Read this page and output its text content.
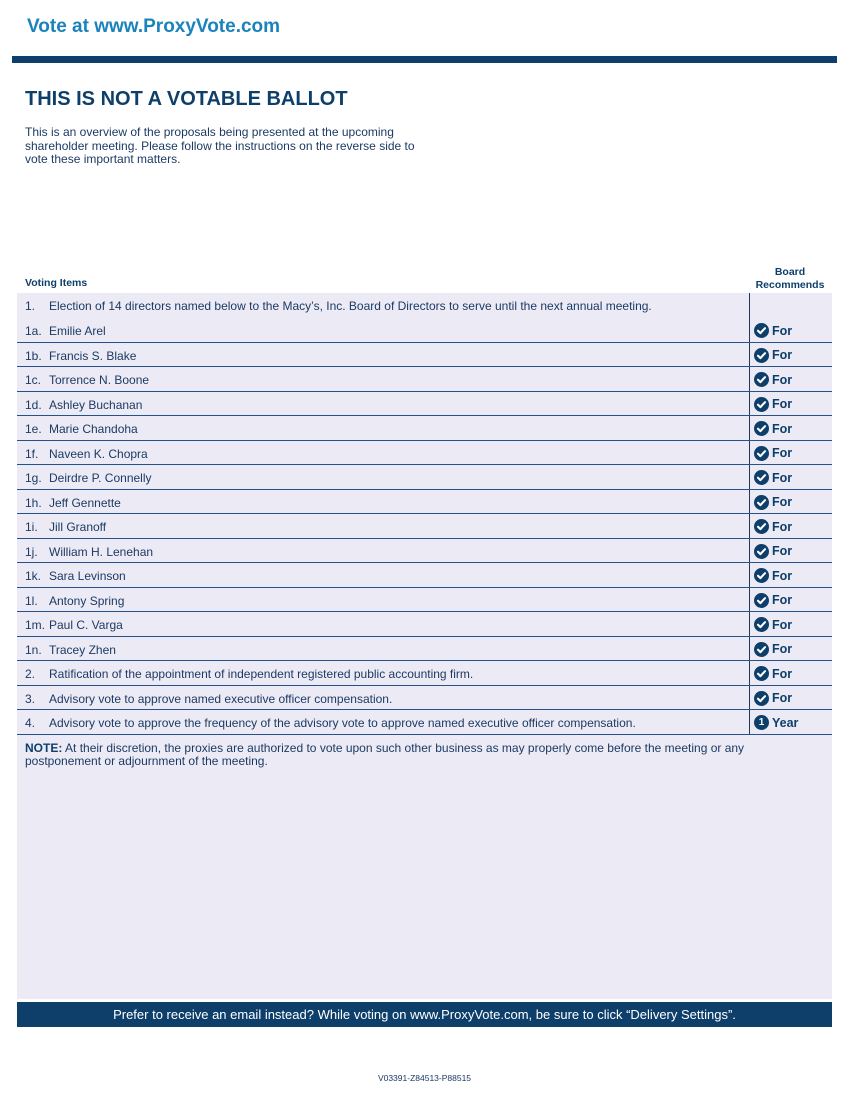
Vote at www.ProxyVote.com
THIS IS NOT A VOTABLE BALLOT
This is an overview of the proposals being presented at the upcoming shareholder meeting. Please follow the instructions on the reverse side to vote these important matters.
Voting Items
Board
Recommends
1. Election of 14 directors named below to the Macy’s, Inc. Board of Directors to serve until the next annual meeting.
1a. Emilie Arel	For
1b. Francis S. Blake	For
1c. Torrence N. Boone	For
1d. Ashley Buchanan	For
1e. Marie Chandoha	For
1f. Naveen K. Chopra	For
1g. Deirdre P. Connelly	For
1h. Jeff Gennette	For
1i. Jill Granoff	For
1j. William H. Lenehan	For
1k. Sara Levinson	For
1l. Antony Spring	For
1m. Paul C. Varga	For
1n. Tracey Zhen	For
2. Ratification of the appointment of independent registered public accounting firm.	For
3. Advisory vote to approve named executive officer compensation.	For
4. Advisory vote to approve the frequency of the advisory vote to approve named executive officer compensation.	1 Year
NOTE: At their discretion, the proxies are authorized to vote upon such other business as may properly come before the meeting or any postponement or adjournment of the meeting.
Prefer to receive an email instead? While voting on www.ProxyVote.com, be sure to click “Delivery Settings”.
V03391-Z84513-P88515
